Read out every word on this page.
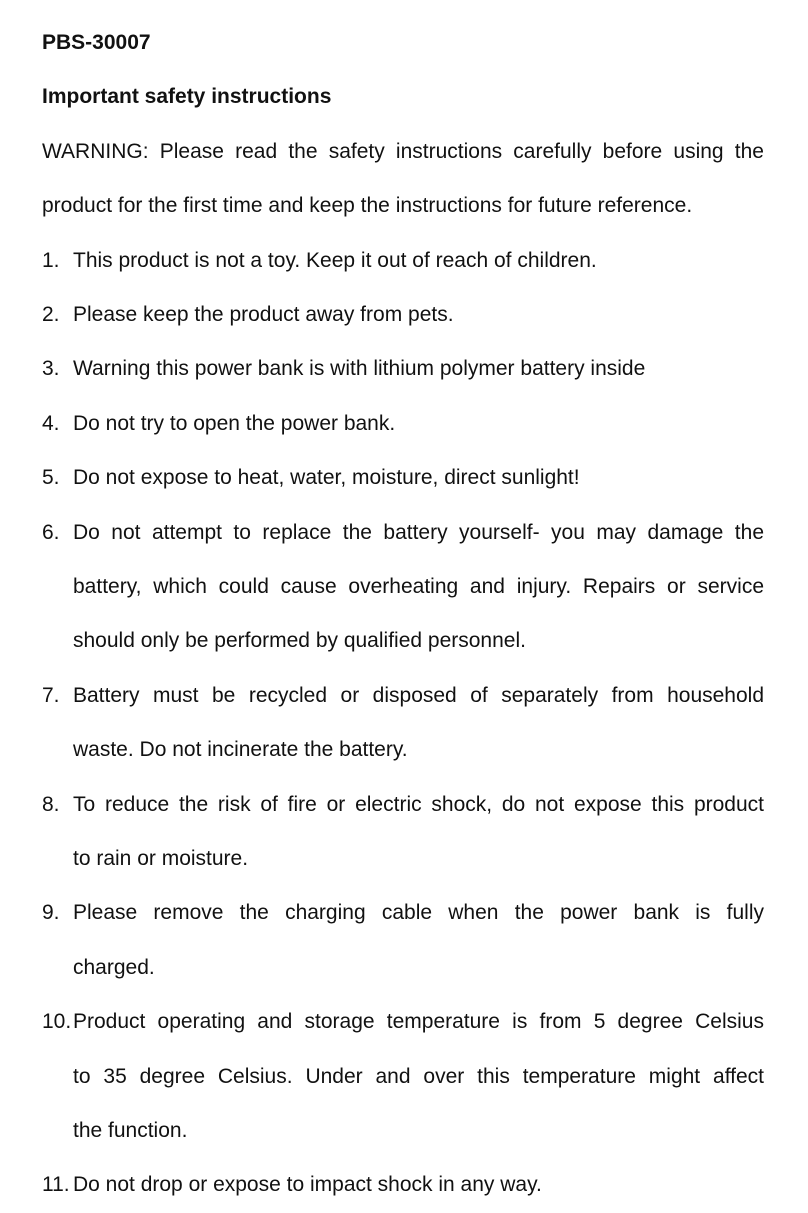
PBS-30007
Important safety instructions
WARNING: Please read the safety instructions carefully before using the
product for the first time and keep the instructions for future reference.
1. This product is not a toy. Keep it out of reach of children.
2. Please keep the product away from pets.
3. Warning this power bank is with lithium polymer battery inside
4. Do not try to open the power bank.
5. Do not expose to heat, water, moisture, direct sunlight!
6. Do not attempt to replace the battery yourself- you may damage the
battery, which could cause overheating and injury. Repairs or service
should only be performed by qualified personnel.
7. Battery must be recycled or disposed of separately from household
waste. Do not incinerate the battery.
8. To reduce the risk of fire or electric shock, do not expose this product
to rain or moisture.
9. Please remove the charging cable when the power bank is fully
charged.
10. Product operating and storage temperature is from 5 degree Celsius
to 35 degree Celsius. Under and over this temperature might affect
the function.
11. Do not drop or expose to impact shock in any way.
